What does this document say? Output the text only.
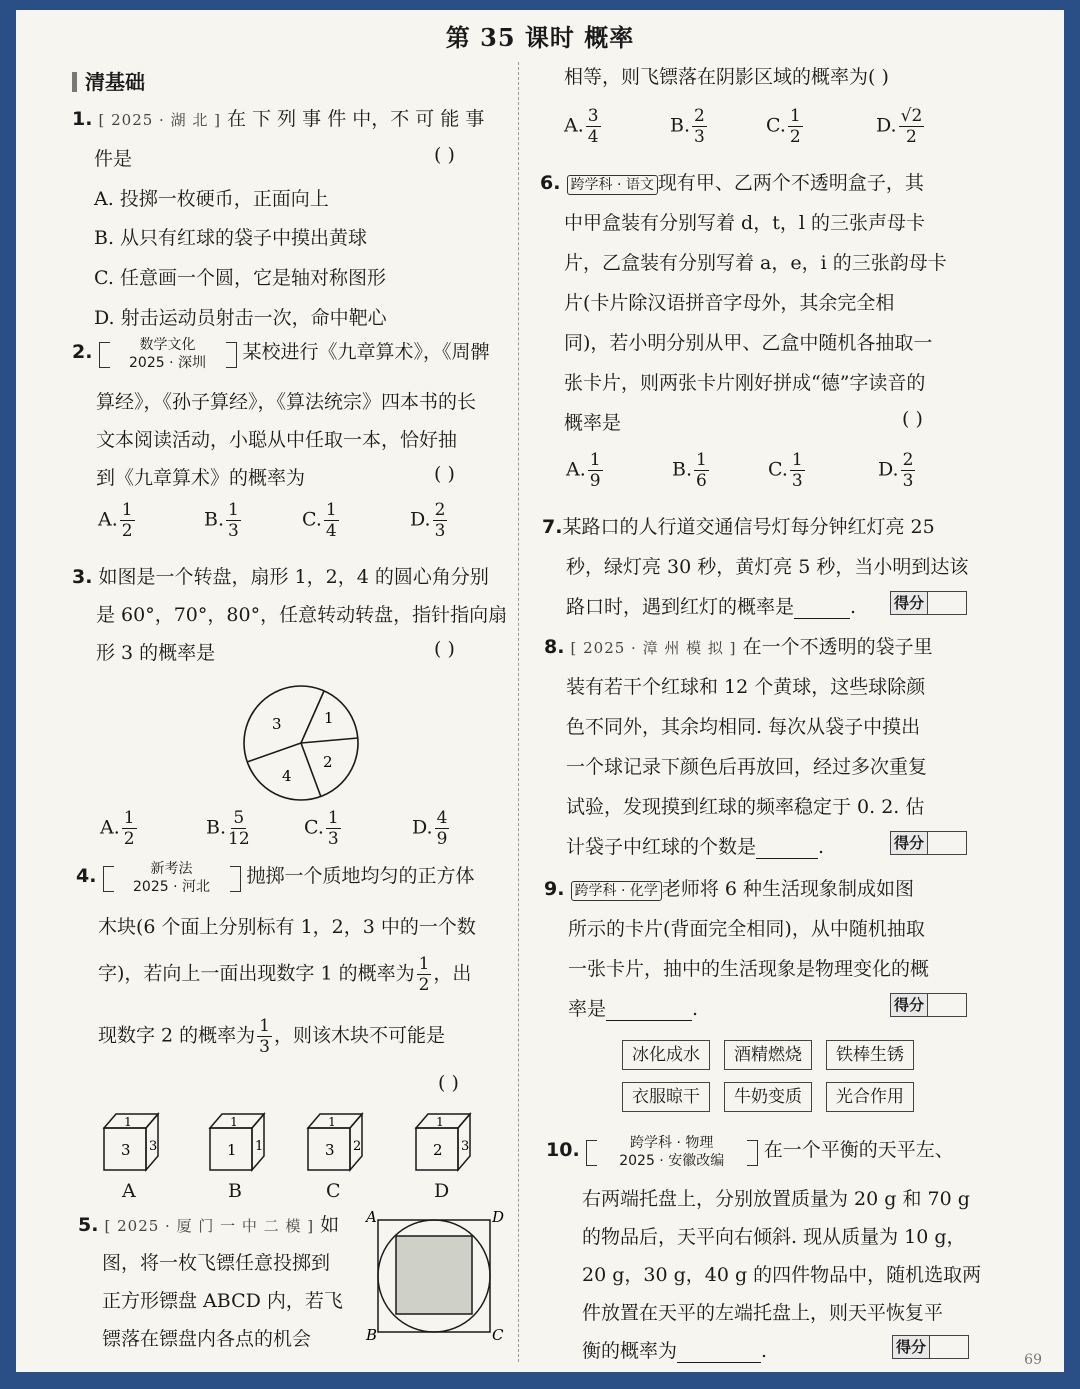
第 35 课时 概率
清基础
1. [ 2025 · 湖 北 ] 在 下 列 事 件 中，不 可 能 事
件是	( )
A. 投掷一枚硬币，正面向上
B. 从只有红球的袋子中摸出黄球
C. 任意画一个圆，它是轴对称图形
D. 射击运动员射击一次，命中靶心
2.	数学文化
2025 · 深圳	某校进行《九章算术》，《周髀
算经》，《孙子算经》，《算法统宗》四本书的长
文本阅读活动，小聪从中任取一本，恰好抽
到《九章算术》的概率为	( )
A. $\frac{1}{2}$	B. $\frac{1}{3}$	C. $\frac{1}{4}$	D. $\frac{2}{3}$
3. 如图是一个转盘，扇形 1，2，4 的圆心角分别
是 60°，70°，80°，任意转动转盘，指针指向扇
形 3 的概率是	( )
3	1
2
4
A. $\frac{1}{2}$	B. $\frac{5}{12}$	C. $\frac{1}{3}$	D. $\frac{4}{9}$
4.	新考法
2025 · 河北	抛掷一个质地均匀的正方体
木块(6 个面上分别标有 1，2，3 中的一个数
字)，若向上一面出现数字 1 的概率为 $\frac{1}{2}$ ，出
现数字 2 的概率为 $\frac{1}{3}$ ，则该木块不可能是
( )
1
3 3
A
1
1 1
B
1
3 2
C
1
2 3
D
5. [ 2025 · 厦 门 一 中 二 模 ] 如
图，将一枚飞镖任意投掷到
正方形镖盘 ABCD 内，若飞
镖落在镖盘内各点的机会
A	D
B	C
相等，则飞镖落在阴影区域的概率为( )
A. $\frac{3}{4}$	B. $\frac{2}{3}$	C. $\frac{1}{2}$	D. $\frac{√2}{2}$
6. 跨学科 · 语文 现有甲、乙两个不透明盒子，其
中甲盒装有分别写着 d，t，l 的三张声母卡
片，乙盒装有分别写着 a，e，i 的三张韵母卡
片(卡片除汉语拼音字母外，其余完全相
同)，若小明分别从甲、乙盒中随机各抽取一
张卡片，则两张卡片刚好拼成“德”字读音的
概率是	( )
A. $\frac{1}{9}$	B. $\frac{1}{6}$	C. $\frac{1}{3}$	D. $\frac{2}{3}$
7.某路口的人行道交通信号灯每分钟红灯亮 25
秒，绿灯亮 30 秒，黄灯亮 5 秒，当小明到达该
路口时，遇到红灯的概率是	.	得分
8. [ 2025 · 漳 州 模 拟 ] 在一个不透明的袋子里
装有若干个红球和 12 个黄球，这些球除颜
色不同外，其余均相同. 每次从袋子中摸出
一个球记录下颜色后再放回，经过多次重复
试验，发现摸到红球的频率稳定于 0. 2. 估
计袋子中红球的个数是	.	得分
9. 跨学科 · 化学 老师将 6 种生活现象制成如图
所示的卡片(背面完全相同)，从中随机抽取
一张卡片，抽中的生活现象是物理变化的概
率是	.	得分
冰化成水	酒精燃烧	铁棒生锈
衣服晾干	牛奶变质	光合作用
10.	跨学科 · 物理
2025 · 安徽改编	在一个平衡的天平左、
右两端托盘上，分别放置质量为 20 g 和 70 g
的物品后，天平向右倾斜. 现从质量为 10 g，
20 g，30 g，40 g 的四件物品中，随机选取两
件放置在天平的左端托盘上，则天平恢复平
衡的概率为	.	得分
69
